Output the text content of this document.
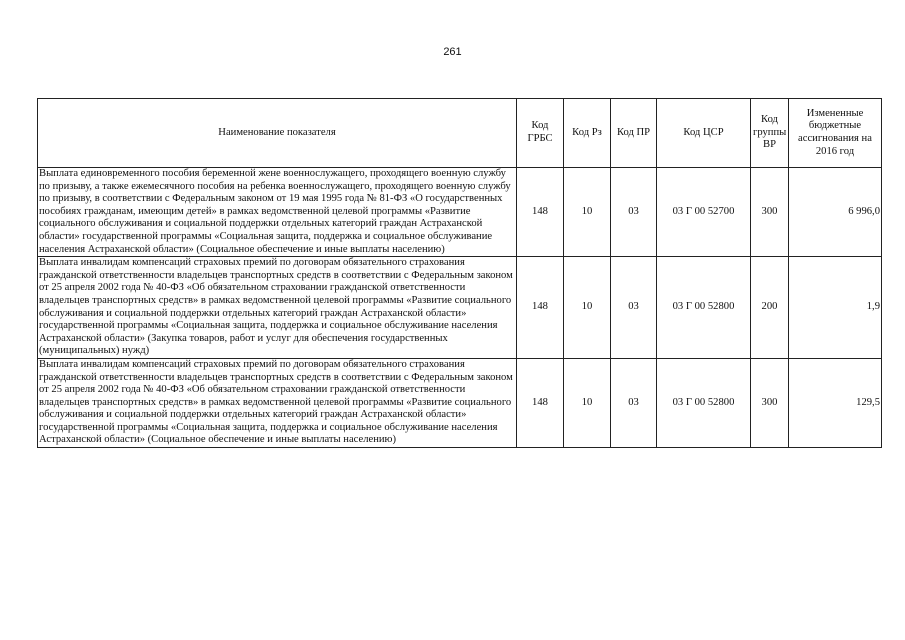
261
Наименование показателя	Код ГРБС	Код Рз	Код ПР	Код ЦСР	Код группы ВР	Измененные бюджетные ассигнования на 2016 год
Выплата единовременного пособия беременной жене военнослужащего, проходящего военную службу по призыву, а также ежемесячного пособия на ребенка военнослужащего, проходящего военную службу по призыву, в соответствии с Федеральным законом от 19 мая 1995 года № 81-ФЗ «О государственных пособиях гражданам, имеющим детей» в рамках ведомственной целевой программы «Развитие социального обслуживания и социальной поддержки отдельных категорий граждан Астраханской области» государственной программы «Социальная защита, поддержка и социальное обслуживание населения Астраханской области» (Социальное обеспечение и иные выплаты населению)	148	10	03	03 Г 00 52700	300	6 996,0
Выплата инвалидам компенсаций страховых премий по договорам обязательного страхования гражданской ответственности владельцев транспортных средств в соответствии с Федеральным законом от 25 апреля 2002 года № 40-ФЗ «Об обязательном страховании гражданской ответственности владельцев транспортных средств» в рамках ведомственной целевой программы «Развитие социального обслуживания и социальной поддержки отдельных категорий граждан Астраханской области» государственной программы «Социальная защита, поддержка и социальное обслуживание населения Астраханской области» (Закупка товаров, работ и услуг для обеспечения государственных (муниципальных) нужд)	148	10	03	03 Г 00 52800	200	1,9
Выплата инвалидам компенсаций страховых премий по договорам обязательного страхования гражданской ответственности владельцев транспортных средств в соответствии с Федеральным законом от 25 апреля 2002 года № 40-ФЗ «Об обязательном страховании гражданской ответственности владельцев транспортных средств» в рамках ведомственной целевой программы «Развитие социального обслуживания и социальной поддержки отдельных категорий граждан Астраханской области» государственной программы «Социальная защита, поддержка и социальное обслуживание населения Астраханской области» (Социальное обеспечение и иные выплаты населению)	148	10	03	03 Г 00 52800	300	129,5
